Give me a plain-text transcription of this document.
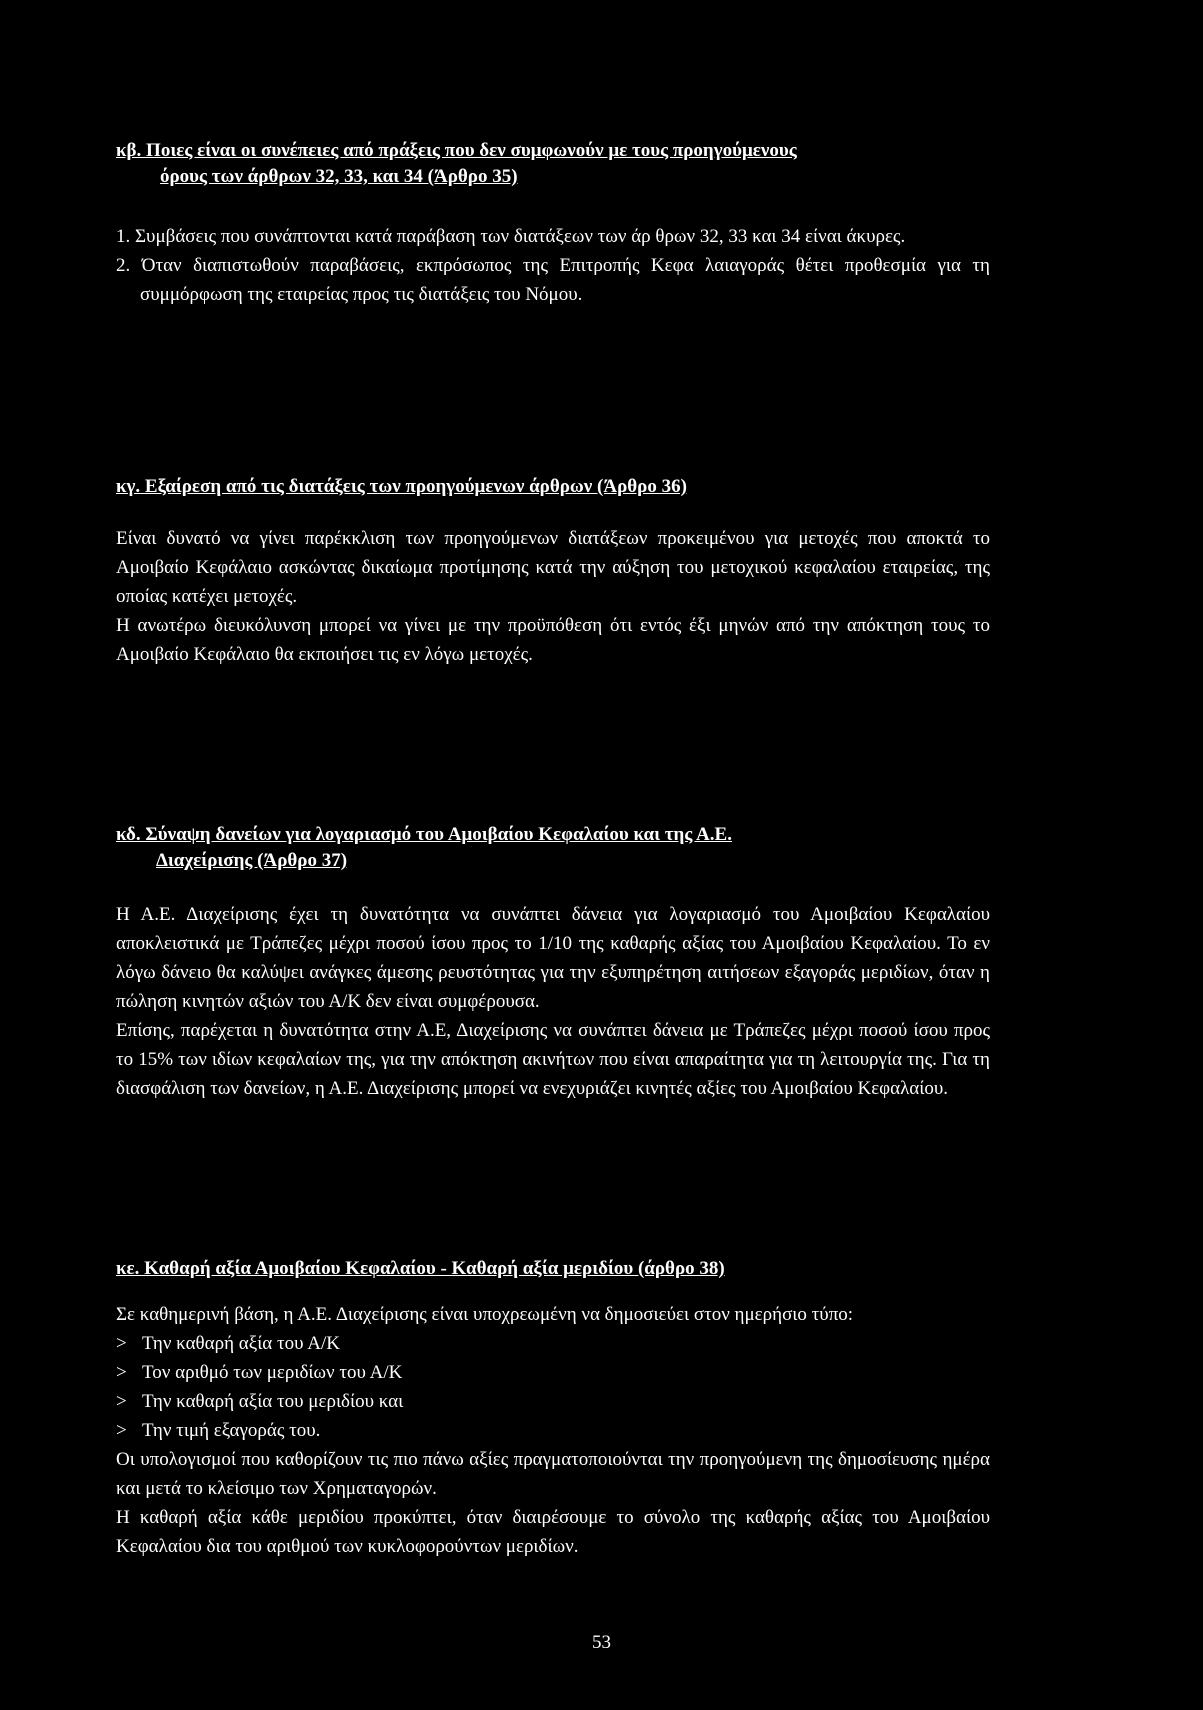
κβ. Ποιες είναι οι συνέπειες από πράξεις που δεν συμφωνούν με τους προηγούμενους
όρους των άρθρων 32, 33, και 34 (Άρθρο 35)

1. Συμβάσεις που συνάπτονται κατά παράβαση των διατάξεων των άρ θρων 32, 33 και 34 είναι άκυρες.

2. Όταν διαπιστωθούν παραβάσεις, εκπρόσωπος της Επιτροπής Κεφα λαιαγοράς θέτει προθεσμία για τη συμμόρφωση της εταιρείας προς τις διατάξεις του Νόμου.

κγ. Εξαίρεση από τις διατάξεις των προηγούμενων άρθρων (Άρθρο 36)

Είναι δυνατό να γίνει παρέκκλιση των προηγούμενων διατάξεων προκειμένου για μετοχές που αποκτά το Αμοιβαίο Κεφάλαιο ασκώντας δικαίωμα προτίμησης κατά την αύξηση του μετοχικού κεφαλαίου εταιρείας, της οποίας κατέχει μετοχές.

Η ανωτέρω διευκόλυνση μπορεί να γίνει με την προϋπόθεση ότι εντός έξι μηνών από την απόκτηση τους το Αμοιβαίο Κεφάλαιο θα εκποιήσει τις εν λόγω μετοχές.

κδ. Σύναψη δανείων για λογαριασμό του Αμοιβαίου Κεφαλαίου και της Α.Ε.
Διαχείρισης (Άρθρο 37)

Η Α.Ε. Διαχείρισης έχει τη δυνατότητα να συνάπτει δάνεια για λογαριασμό του Αμοιβαίου Κεφαλαίου αποκλειστικά με Τράπεζες μέχρι ποσού ίσου προς το 1/10 της καθαρής αξίας του Αμοιβαίου Κεφαλαίου. Το εν λόγω δάνειο θα καλύψει ανάγκες άμεσης ρευστότητας για την εξυπηρέτηση αιτήσεων εξαγοράς μεριδίων, όταν η πώληση κινητών αξιών του Α/Κ δεν είναι συμφέρουσα.

Επίσης, παρέχεται η δυνατότητα στην Α.Ε, Διαχείρισης να συνάπτει δάνεια με Τράπεζες μέχρι ποσού ίσου προς το 15% των ιδίων κεφαλαίων της, για την απόκτηση ακινήτων που είναι απαραίτητα για τη λειτουργία της. Για τη διασφάλιση των δανείων, η Α.Ε. Διαχείρισης μπορεί να ενεχυριάζει κινητές αξίες του Αμοιβαίου Κεφαλαίου.

κε. Καθαρή αξία Αμοιβαίου Κεφαλαίου - Καθαρή αξία μεριδίου (άρθρο 38)

Σε καθημερινή βάση, η Α.Ε. Διαχείρισης είναι υποχρεωμένη να δημοσιεύει στον ημερήσιο τύπο:

> Την καθαρή αξία του Α/Κ
> Τον αριθμό των μεριδίων του Α/Κ
> Την καθαρή αξία του μεριδίου και
> Την τιμή εξαγοράς του.

Οι υπολογισμοί που καθορίζουν τις πιο πάνω αξίες πραγματοποιούνται την προηγούμενη της δημοσίευσης ημέρα και μετά το κλείσιμο των Χρηματαγορών.

Η καθαρή αξία κάθε μεριδίου προκύπτει, όταν διαιρέσουμε το σύνολο της καθαρής αξίας του Αμοιβαίου Κεφαλαίου δια του αριθμού των κυκλοφορούντων μεριδίων.

53
